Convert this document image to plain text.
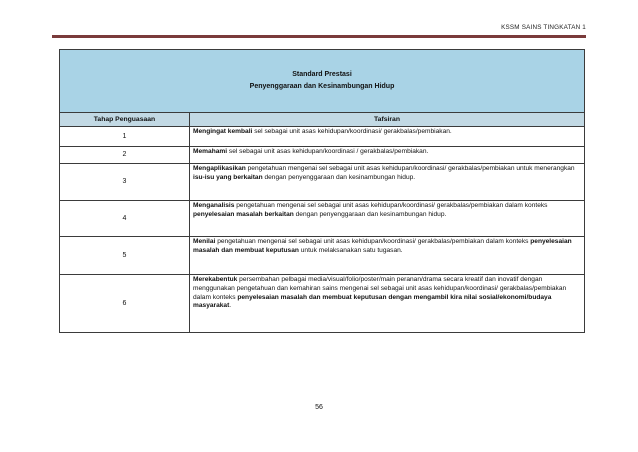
KSSM SAINS TINGKATAN 1
Standard Prestasi
Penyenggaraan dan Kesinambungan Hidup	

Tahap Penguasaan	Tafsiran
1	Mengingat kembali sel sebagai unit asas kehidupan/koordinasi/ gerakbalas/pembiakan.
2	Memahami sel sebagai unit asas kehidupan/koordinasi / gerakbalas/pembiakan.
3	Mengaplikasikan pengetahuan mengenai sel sebagai unit asas kehidupan/koordinasi/ gerakbalas/pembiakan untuk menerangkan isu-isu yang berkaitan dengan penyenggaraan dan kesinambungan hidup.
4	Menganalisis pengetahuan mengenai sel sebagai unit asas kehidupan/koordinasi/ gerakbalas/pembiakan dalam konteks penyelesaian masalah berkaitan dengan penyenggaraan dan kesinambungan hidup.
5	Menilai pengetahuan mengenai sel sebagai unit asas kehidupan/koordinasi/ gerakbalas/pembiakan dalam konteks penyelesaian masalah dan membuat keputusan untuk melaksanakan satu tugasan.
6	Merekabentuk persembahan pelbagai media/visual/folio/poster/main peranan/drama secara kreatif dan inovatif dengan menggunakan pengetahuan dan kemahiran sains mengenai sel sebagai unit asas kehidupan/koordinasi/ gerakbalas/pembiakan dalam konteks penyelesaian masalah dan membuat keputusan dengan mengambil kira nilai sosial/ekonomi/budaya masyarakat.
56
